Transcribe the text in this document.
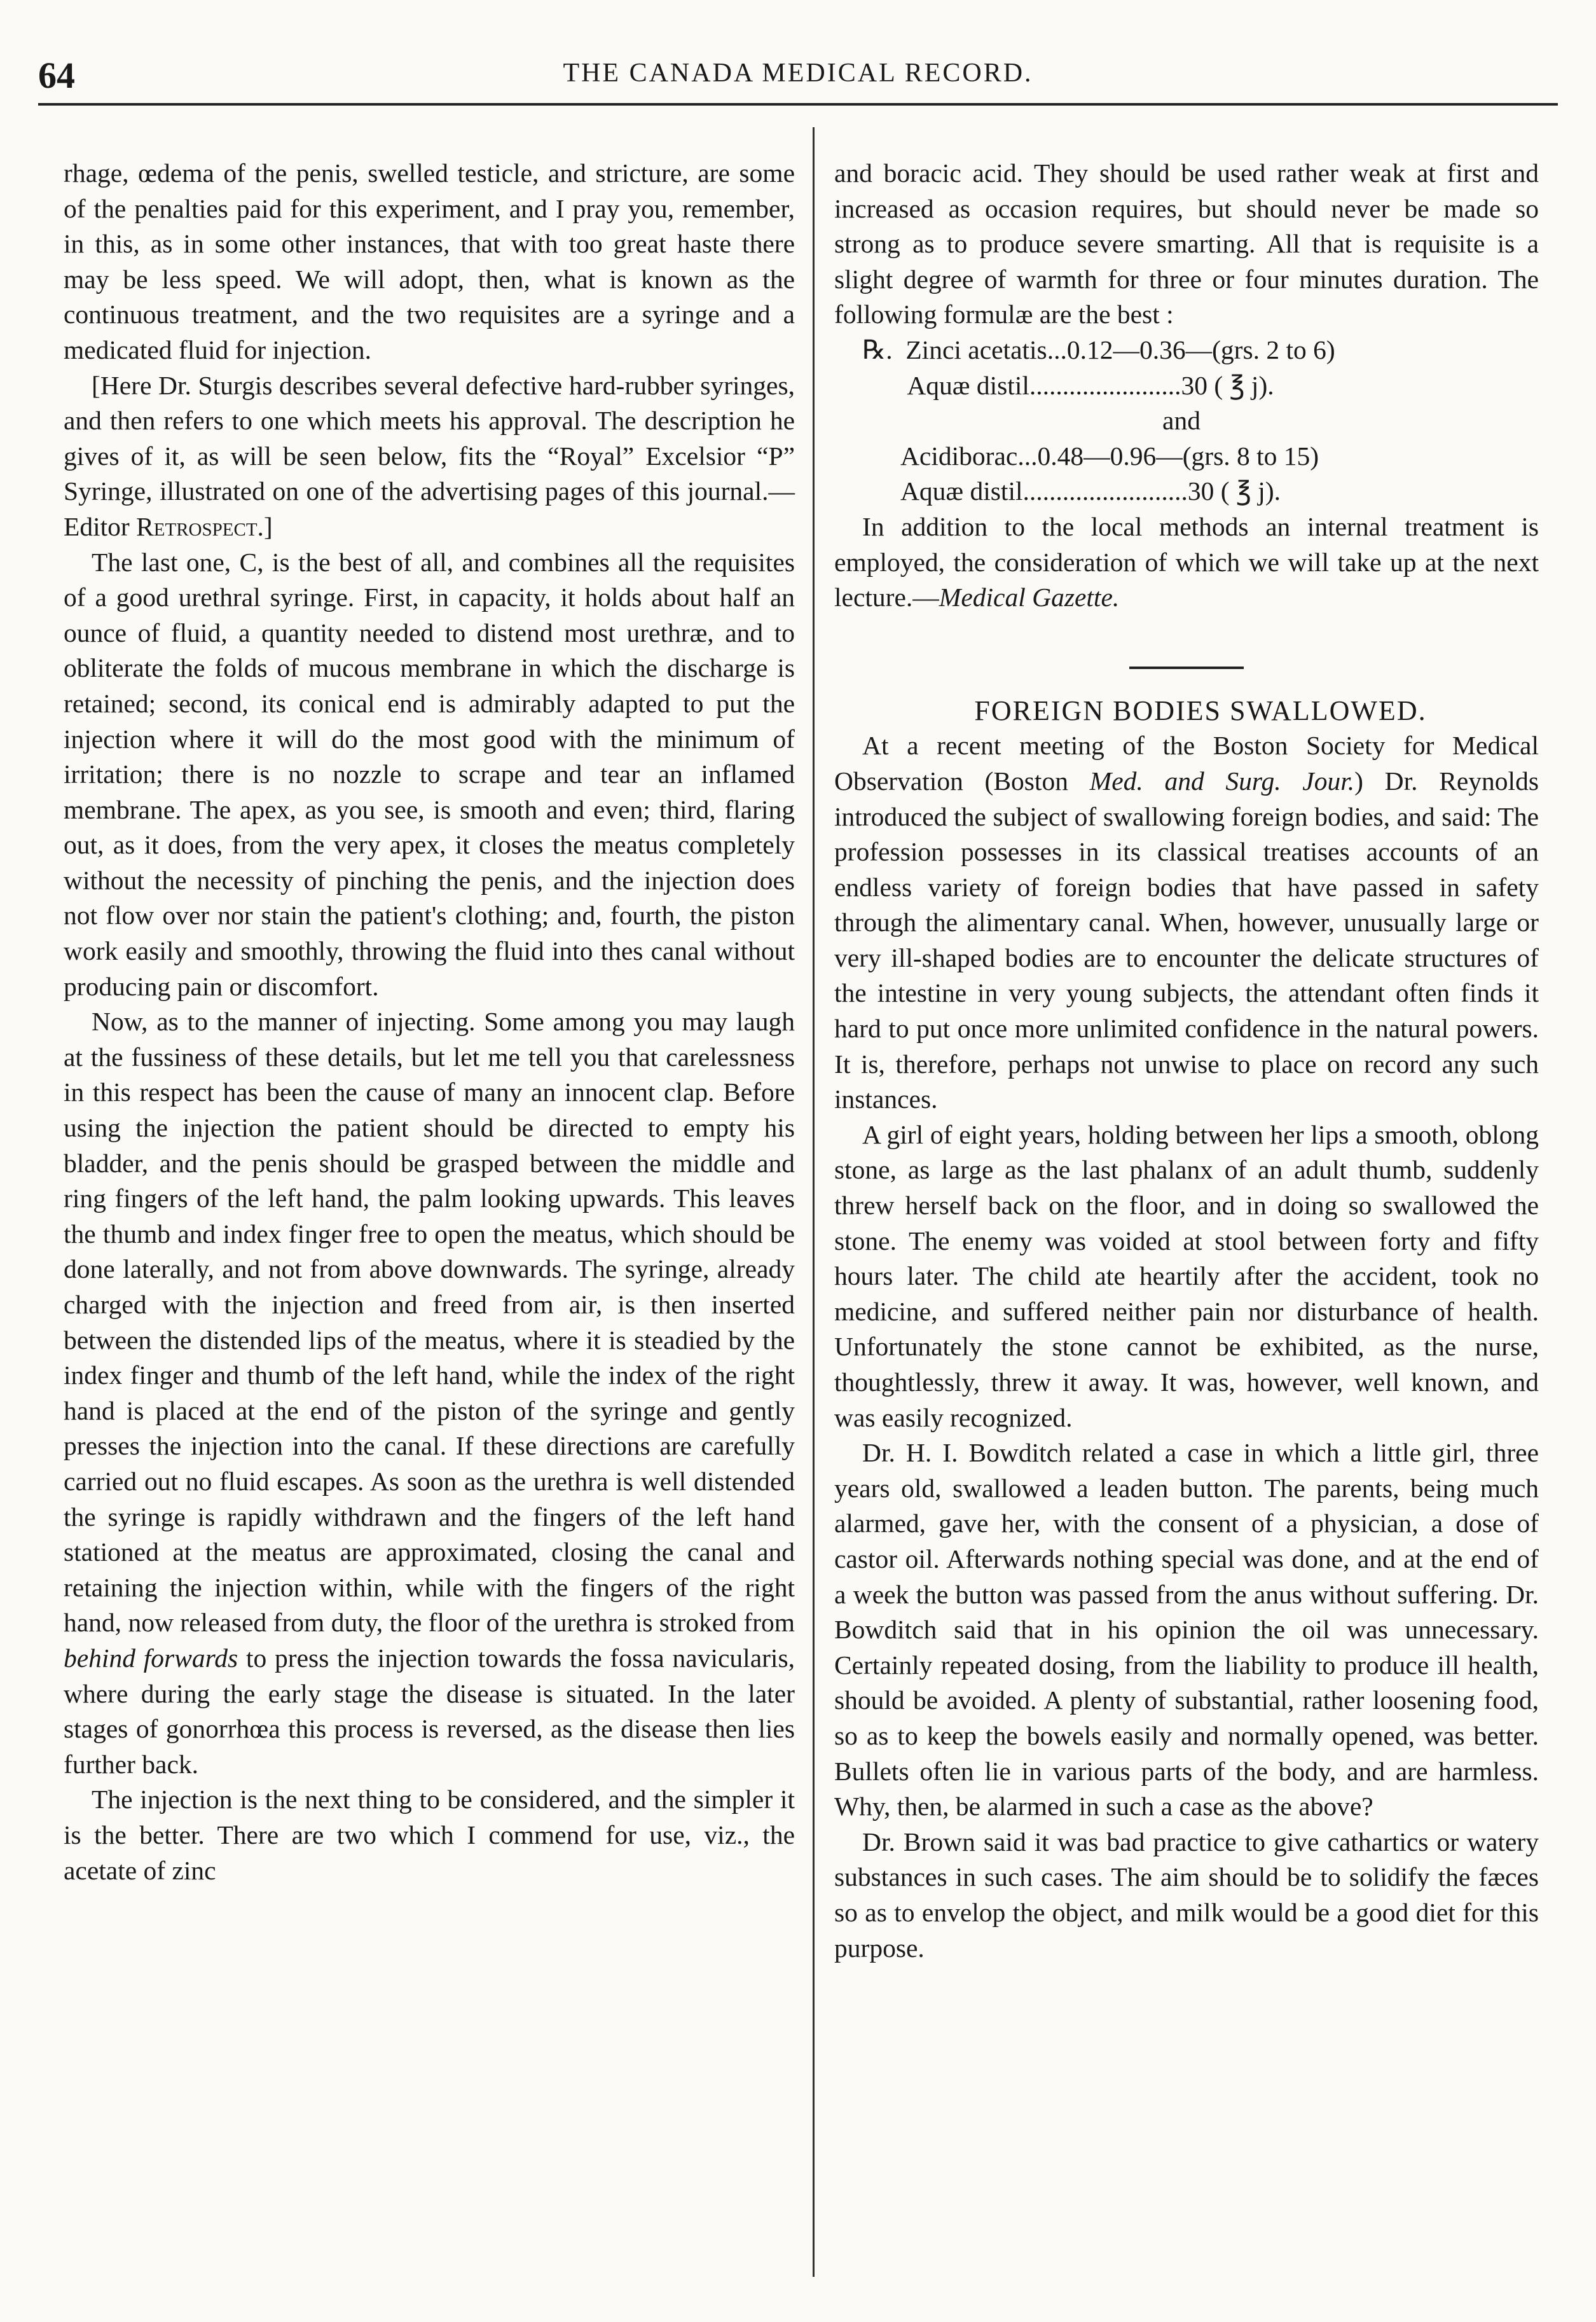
64	THE CANADA MEDICAL RECORD.

rhage, œdema of the penis, swelled testicle, and stricture, are some of the penalties paid for this experiment, and I pray you, remember, in this, as in some other instances, that with too great haste there may be less speed. We will adopt, then, what is known as the continuous treatment, and the two requisites are a syringe and a medicated fluid for injection.

[Here Dr. Sturgis describes several defective hard-rubber syringes, and then refers to one which meets his approval. The description he gives of it, as will be seen below, fits the “Royal” Excelsior “P” Syringe, illustrated on one of the advertising pages of this journal.—Editor Retrospect.]

The last one, C, is the best of all, and combines all the requisites of a good urethral syringe. First, in capacity, it holds about half an ounce of fluid, a quantity needed to distend most urethræ, and to obliterate the folds of mucous membrane in which the discharge is retained; second, its conical end is admirably adapted to put the injection where it will do the most good with the minimum of irritation; there is no nozzle to scrape and tear an inflamed membrane. The apex, as you see, is smooth and even; third, flaring out, as it does, from the very apex, it closes the meatus completely without the necessity of pinching the penis, and the injection does not flow over nor stain the patient's clothing; and, fourth, the piston work easily and smoothly, throwing the fluid into thes canal without producing pain or discomfort.

Now, as to the manner of injecting. Some among you may laugh at the fussiness of these details, but let me tell you that carelessness in this respect has been the cause of many an innocent clap. Before using the injection the patient should be directed to empty his bladder, and the penis should be grasped between the middle and ring fingers of the left hand, the palm looking upwards. This leaves the thumb and index finger free to open the meatus, which should be done laterally, and not from above downwards. The syringe, already charged with the injection and freed from air, is then inserted between the distended lips of the meatus, where it is steadied by the index finger and thumb of the left hand, while the index of the right hand is placed at the end of the piston of the syringe and gently presses the injection into the canal. If these directions are carefully carried out no fluid escapes. As soon as the urethra is well distended the syringe is rapidly withdrawn and the fingers of the left hand stationed at the meatus are approximated, closing the canal and retaining the injection within, while with the fingers of the right hand, now released from duty, the floor of the urethra is stroked from behind forwards to press the injection towards the fossa navicularis, where during the early stage the disease is situated. In the later stages of gonorrhœa this process is reversed, as the disease then lies further back.

The injection is the next thing to be considered, and the simpler it is the better. There are two which I commend for use, viz., the acetate of zinc

and boracic acid. They should be used rather weak at first and increased as occasion requires, but should never be made so strong as to produce severe smarting. All that is requisite is a slight degree of warmth for three or four minutes duration. The following formulæ are the best :

℞.  Zinci acetatis...0.12—0.36—(grs. 2 to 6)

Aquæ distil.......................30 ( ℥ j).

and

Acidiborac...0.48—0.96—(grs. 8 to 15)

Aquæ distil.........................30 ( ℥ j).

In addition to the local methods an internal treatment is employed, the consideration of which we will take up at the next lecture.—Medical Gazette.

FOREIGN BODIES SWALLOWED.

At a recent meeting of the Boston Society for Medical Observation (Boston Med. and Surg. Jour.) Dr. Reynolds introduced the subject of swallowing foreign bodies, and said: The profession possesses in its classical treatises accounts of an endless variety of foreign bodies that have passed in safety through the alimentary canal. When, however, unusually large or very ill-shaped bodies are to encounter the delicate structures of the intestine in very young subjects, the attendant often finds it hard to put once more unlimited confidence in the natural powers. It is, therefore, perhaps not unwise to place on record any such instances.

A girl of eight years, holding between her lips a smooth, oblong stone, as large as the last phalanx of an adult thumb, suddenly threw herself back on the floor, and in doing so swallowed the stone. The enemy was voided at stool between forty and fifty hours later. The child ate heartily after the accident, took no medicine, and suffered neither pain nor disturbance of health. Unfortunately the stone cannot be exhibited, as the nurse, thoughtlessly, threw it away. It was, however, well known, and was easily recognized.

Dr. H. I. Bowditch related a case in which a little girl, three years old, swallowed a leaden button. The parents, being much alarmed, gave her, with the consent of a physician, a dose of castor oil. Afterwards nothing special was done, and at the end of a week the button was passed from the anus without suffering. Dr. Bowditch said that in his opinion the oil was unnecessary. Certainly repeated dosing, from the liability to produce ill health, should be avoided. A plenty of substantial, rather loosening food, so as to keep the bowels easily and normally opened, was better. Bullets often lie in various parts of the body, and are harmless. Why, then, be alarmed in such a case as the above?

Dr. Brown said it was bad practice to give cathartics or watery substances in such cases. The aim should be to solidify the fæces so as to envelop the object, and milk would be a good diet for this purpose.
